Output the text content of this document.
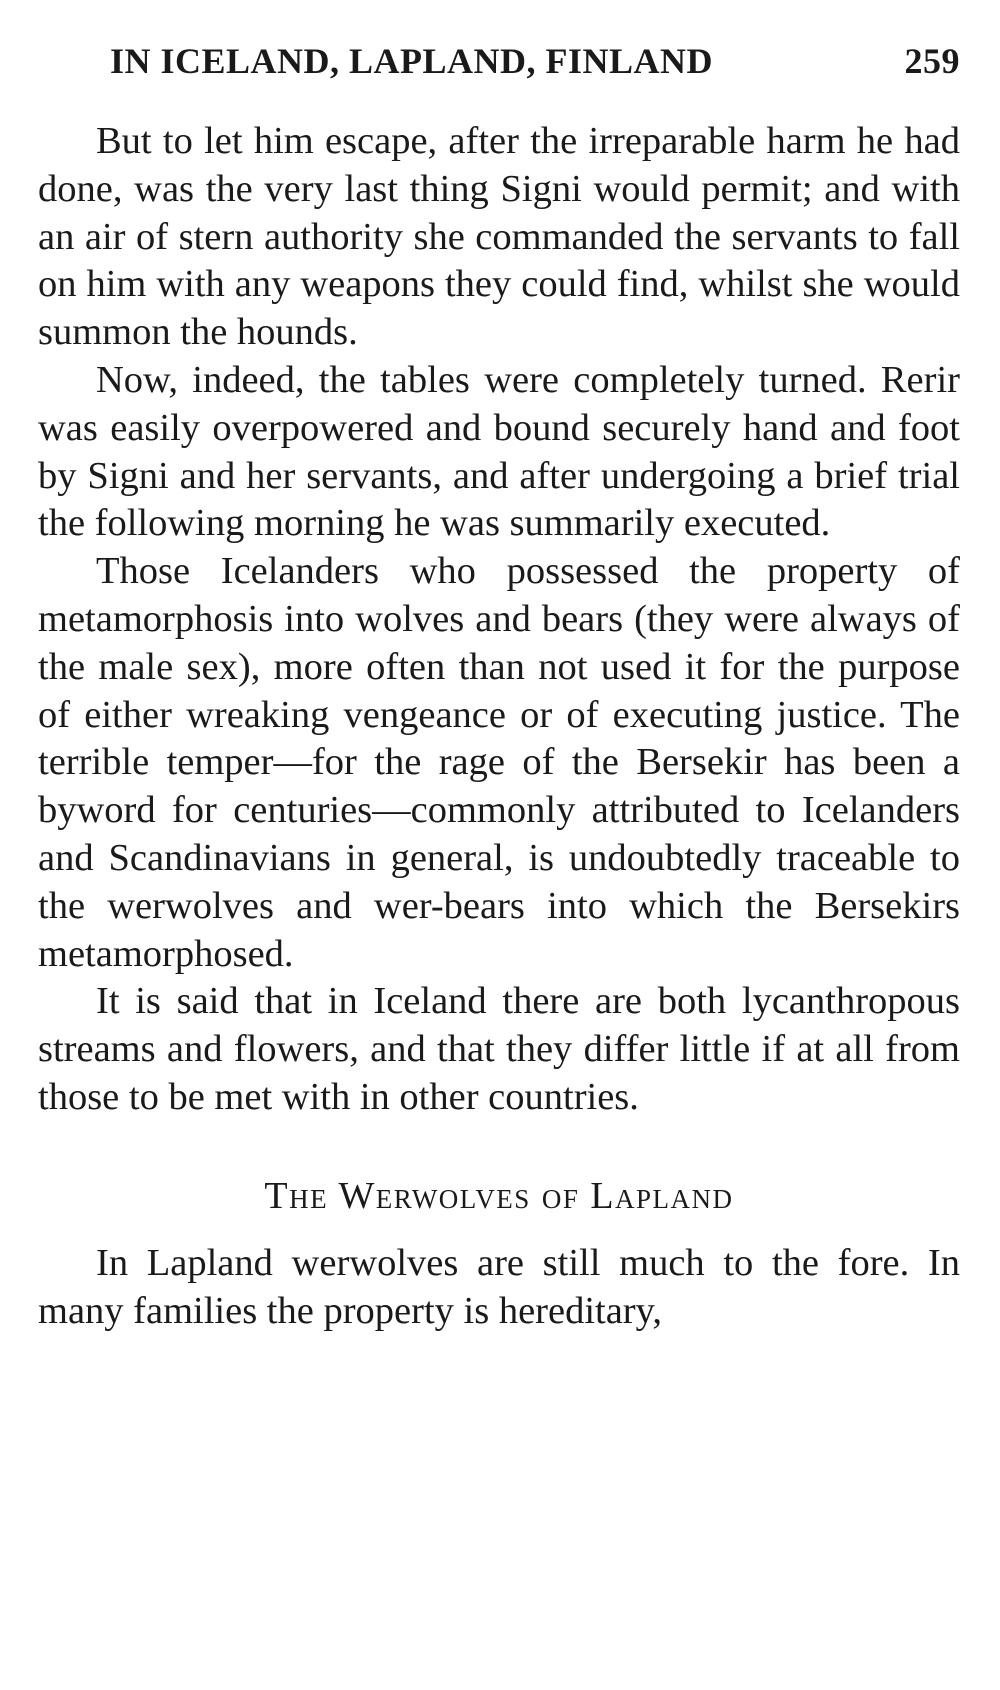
IN ICELAND, LAPLAND, FINLAND	259

But to let him escape, after the irreparable harm he had done, was the very last thing Signi would permit; and with an air of stern authority she commanded the servants to fall on him with any weapons they could find, whilst she would summon the hounds.

Now, indeed, the tables were completely turned. Rerir was easily overpowered and bound securely hand and foot by Signi and her servants, and after undergoing a brief trial the following morning he was summarily executed.

Those Icelanders who possessed the property of metamorphosis into wolves and bears (they were always of the male sex), more often than not used it for the purpose of either wreaking vengeance or of executing justice. The terrible temper—for the rage of the Bersekir has been a byword for centuries—commonly attributed to Icelanders and Scandinavians in general, is undoubtedly traceable to the werwolves and wer-bears into which the Bersekirs metamorphosed.

It is said that in Iceland there are both lycanthropous streams and flowers, and that they differ little if at all from those to be met with in other countries.

The Werwolves of Lapland

In Lapland werwolves are still much to the fore. In many families the property is hereditary,
